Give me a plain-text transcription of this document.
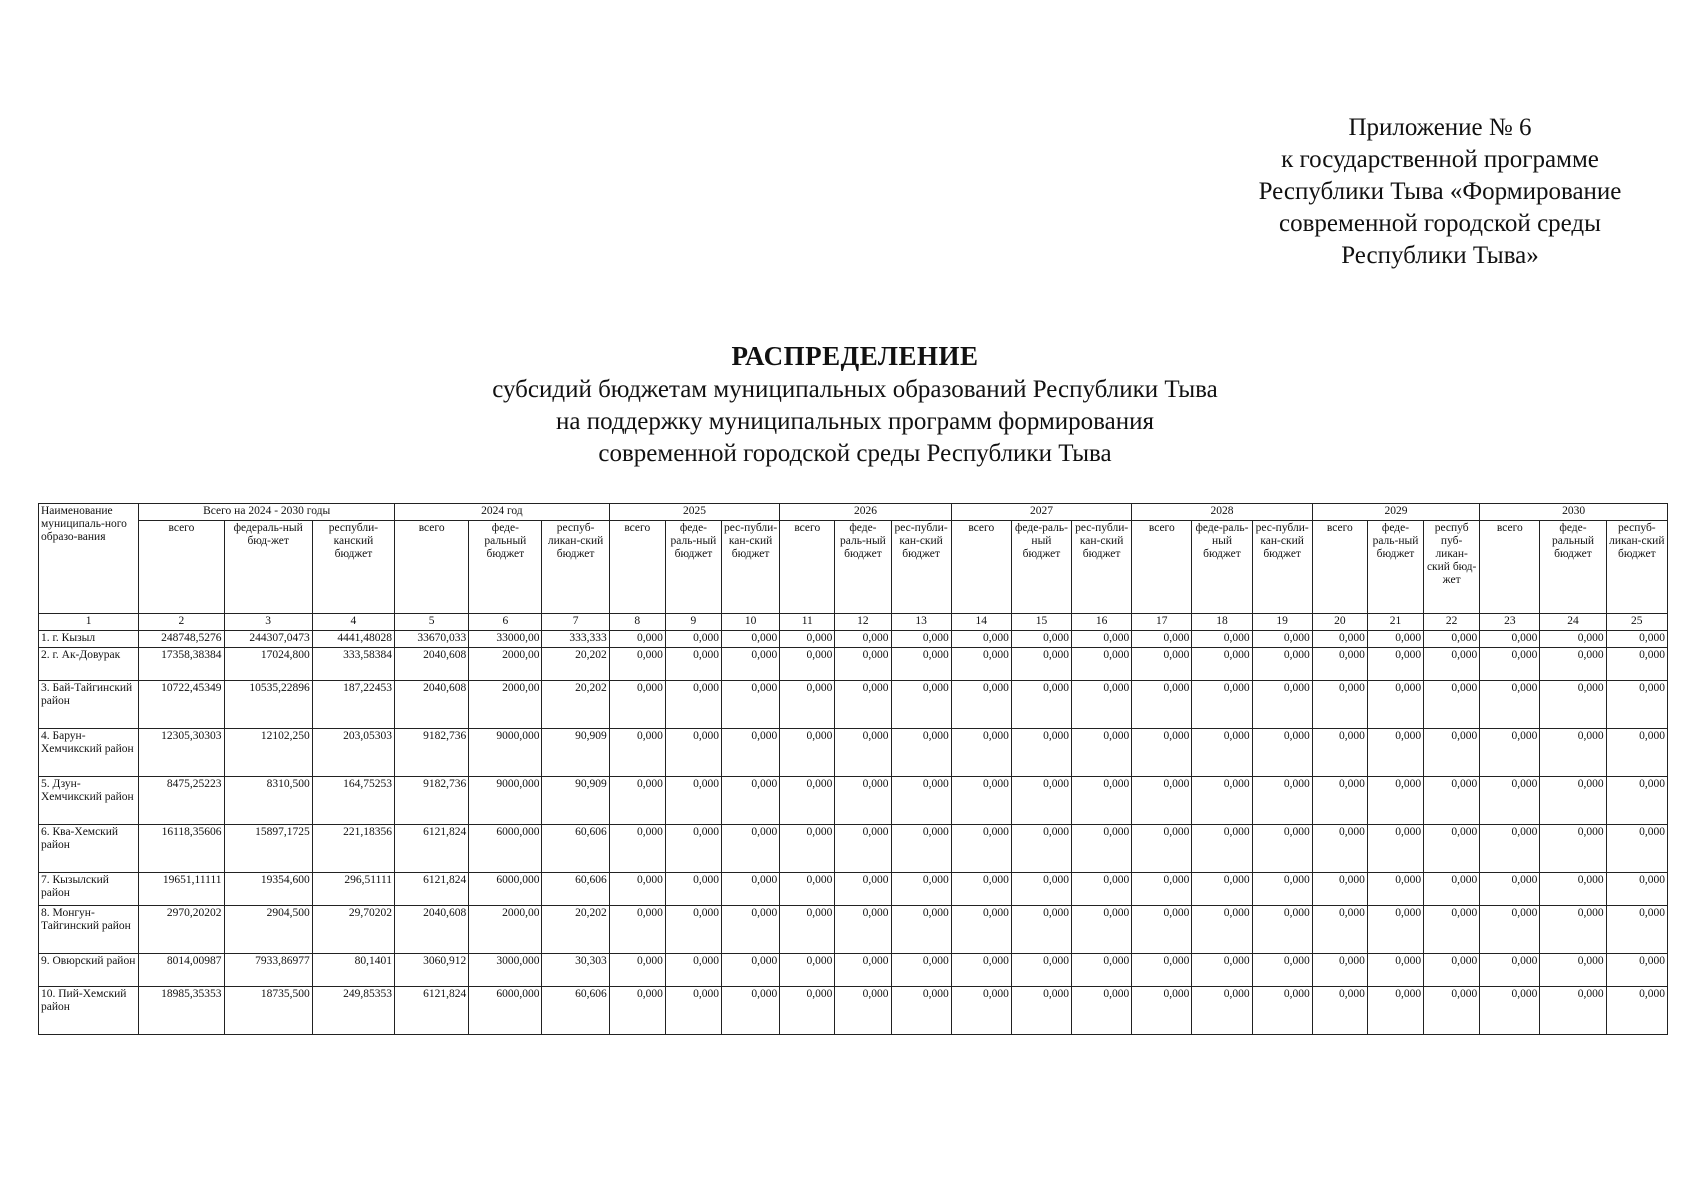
Приложение № 6
к государственной программе
Республики Тыва «Формирование
современной городской среды
Республики Тыва»
РАСПРЕДЕЛЕНИЕ
субсидий бюджетам муниципальных образований Республики Тыва
на поддержку муниципальных программ формирования
современной городской среды Республики Тыва
Наименование муниципаль-ного образо-вания	Всего на 2024 - 2030 годы			2024 год			2025			2026			2027			2028			2029			2030		
	всего	федераль-ный бюд-жет	республи-канский бюджет	всего	феде-ральный бюджет	респуб-ликан-ский бюджет	всего	феде-раль-ный бюджет	рес-публи-кан-ский бюджет	всего	феде-раль-ный бюджет	рес-публи-кан-ский бюджет	всего	феде-раль-ный бюджет	рес-публи-кан-ский бюджет	всего	феде-раль-ный бюджет	рес-публи-кан-ский бюджет	всего	феде-раль-ный бюджет	респуб пуб-ликан-ский бюд-жет	всего	феде-ральный бюджет	респуб-ликан-ский бюджет
1	2	3	4	5	6	7	8	9	10	11	12	13	14	15	16	17	18	19	20	21	22	23	24	25
1. г. Кызыл	248748,5276	244307,0473	4441,48028	33670,033	33000,00	333,333	0,000	0,000	0,000	0,000	0,000	0,000	0,000	0,000	0,000	0,000	0,000	0,000	0,000	0,000	0,000	0,000	0,000	0,000
2. г. Ак-Довурак	17358,38384	17024,800	333,58384	2040,608	2000,00	20,202	0,000	0,000	0,000	0,000	0,000	0,000	0,000	0,000	0,000	0,000	0,000	0,000	0,000	0,000	0,000	0,000	0,000	0,000
3. Бай-Тайгинский район	10722,45349	10535,22896	187,22453	2040,608	2000,00	20,202	0,000	0,000	0,000	0,000	0,000	0,000	0,000	0,000	0,000	0,000	0,000	0,000	0,000	0,000	0,000	0,000	0,000	0,000
4. Барун-Хемчикский район	12305,30303	12102,250	203,05303	9182,736	9000,000	90,909	0,000	0,000	0,000	0,000	0,000	0,000	0,000	0,000	0,000	0,000	0,000	0,000	0,000	0,000	0,000	0,000	0,000	0,000
5. Дзун-Хемчикский район	8475,25223	8310,500	164,75253	9182,736	9000,000	90,909	0,000	0,000	0,000	0,000	0,000	0,000	0,000	0,000	0,000	0,000	0,000	0,000	0,000	0,000	0,000	0,000	0,000	0,000
6. Ква-Хемский район	16118,35606	15897,1725	221,18356	6121,824	6000,000	60,606	0,000	0,000	0,000	0,000	0,000	0,000	0,000	0,000	0,000	0,000	0,000	0,000	0,000	0,000	0,000	0,000	0,000	0,000
7. Кызылский район	19651,11111	19354,600	296,51111	6121,824	6000,000	60,606	0,000	0,000	0,000	0,000	0,000	0,000	0,000	0,000	0,000	0,000	0,000	0,000	0,000	0,000	0,000	0,000	0,000	0,000
8. Монгун-Тайгинский район	2970,20202	2904,500	29,70202	2040,608	2000,00	20,202	0,000	0,000	0,000	0,000	0,000	0,000	0,000	0,000	0,000	0,000	0,000	0,000	0,000	0,000	0,000	0,000	0,000	0,000
9. Овюрский район	8014,00987	7933,86977	80,1401	3060,912	3000,000	30,303	0,000	0,000	0,000	0,000	0,000	0,000	0,000	0,000	0,000	0,000	0,000	0,000	0,000	0,000	0,000	0,000	0,000	0,000
10. Пий-Хемский район	18985,35353	18735,500	249,85353	6121,824	6000,000	60,606	0,000	0,000	0,000	0,000	0,000	0,000	0,000	0,000	0,000	0,000	0,000	0,000	0,000	0,000	0,000	0,000	0,000	0,000
